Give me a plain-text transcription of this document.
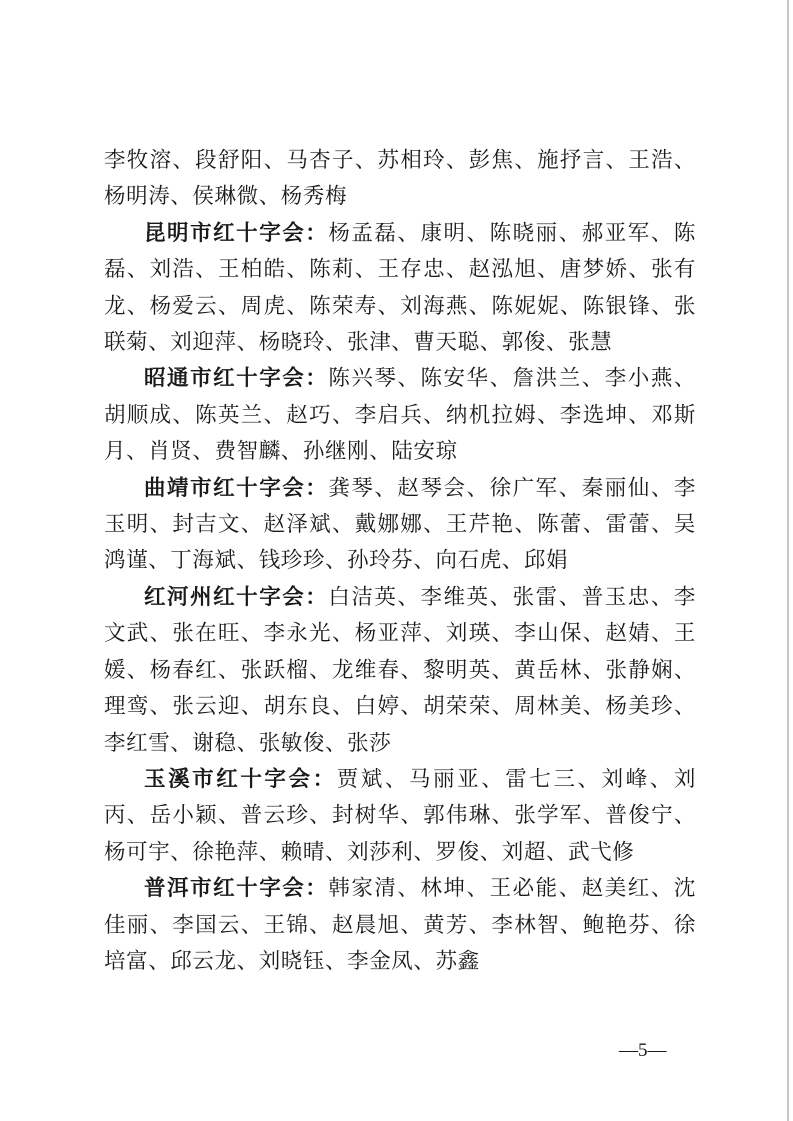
李牧溶、段舒阳、马杏子、苏相玲、彭焦、施抒言、王浩、杨明涛、侯琳微、杨秀梅

昆明市红十字会：杨孟磊、康明、陈晓丽、郝亚军、陈磊、刘浩、王柏皓、陈莉、王存忠、赵泓旭、唐梦娇、张有龙、杨爱云、周虎、陈荣寿、刘海燕、陈妮妮、陈银锋、张联菊、刘迎萍、杨晓玲、张津、曹天聪、郭俊、张慧

昭通市红十字会：陈兴琴、陈安华、詹洪兰、李小燕、胡顺成、陈英兰、赵巧、李启兵、纳机拉姆、李选坤、邓斯月、肖贤、费智麟、孙继刚、陆安琼

曲靖市红十字会：龚琴、赵琴会、徐广军、秦丽仙、李玉明、封吉文、赵泽斌、戴娜娜、王芹艳、陈蕾、雷蕾、吴鸿谨、丁海斌、钱珍珍、孙玲芬、向石虎、邱娟

红河州红十字会：白洁英、李维英、张雷、普玉忠、李文武、张在旺、李永光、杨亚萍、刘瑛、李山保、赵婧、王媛、杨春红、张跃榴、龙维春、黎明英、黄岳林、张静娴、理鸾、张云迎、胡东良、白婷、胡荣荣、周林美、杨美珍、李红雪、谢稳、张敏俊、张莎

玉溪市红十字会：贾斌、马丽亚、雷七三、刘峰、刘丙、岳小颖、普云珍、封树华、郭伟琳、张学军、普俊宁、杨可宇、徐艳萍、赖晴、刘莎利、罗俊、刘超、武弋修

普洱市红十字会：韩家清、林坤、王必能、赵美红、沈佳丽、李国云、王锦、赵晨旭、黄芳、李林智、鲍艳芬、徐培富、邱云龙、刘晓钰、李金凤、苏鑫

—5—
